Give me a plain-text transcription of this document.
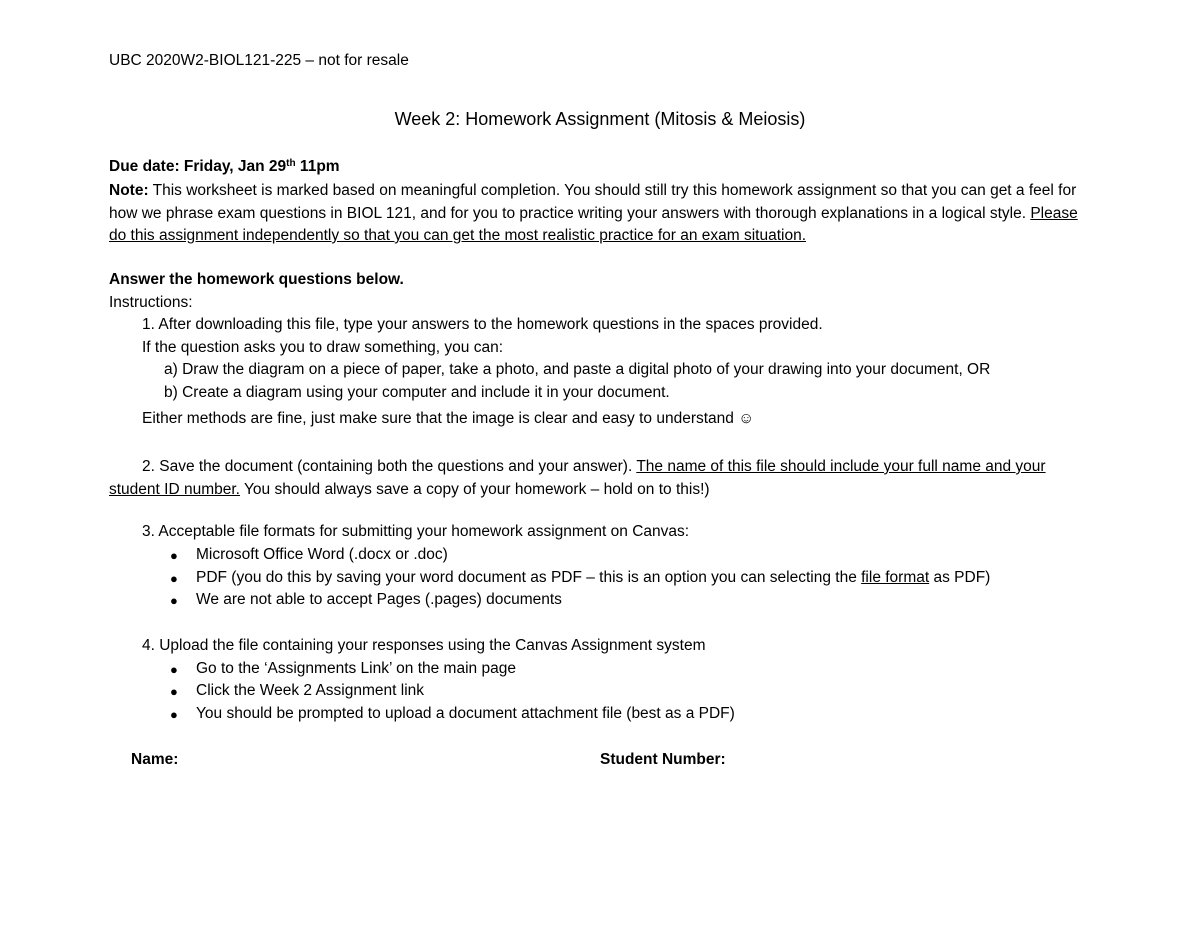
UBC 2020W2-BIOL121-225 – not for resale
Week 2: Homework Assignment (Mitosis & Meiosis)
Due date: Friday, Jan 29th 11pm
Note: This worksheet is marked based on meaningful completion. You should still try this homework assignment so that you can get a feel for how we phrase exam questions in BIOL 121, and for you to practice writing your answers with thorough explanations in a logical style. Please do this assignment independently so that you can get the most realistic practice for an exam situation.
Answer the homework questions below.
Instructions:
1. After downloading this file, type your answers to the homework questions in the spaces provided.
If the question asks you to draw something, you can:
a) Draw the diagram on a piece of paper, take a photo, and paste a digital photo of your drawing into your document, OR
b) Create a diagram using your computer and include it in your document.
Either methods are fine, just make sure that the image is clear and easy to understand ☺
2. Save the document (containing both the questions and your answer). The name of this file should include your full name and your student ID number. You should always save a copy of your homework – hold on to this!)
3. Acceptable file formats for submitting your homework assignment on Canvas:
● Microsoft Office Word (.docx or .doc)
● PDF (you do this by saving your word document as PDF – this is an option you can selecting the file format as PDF)
● We are not able to accept Pages (.pages) documents
4. Upload the file containing your responses using the Canvas Assignment system
● Go to the ‘Assignments Link’ on the main page
● Click the Week 2 Assignment link
● You should be prompted to upload a document attachment file (best as a PDF)
Name:	Student Number:
